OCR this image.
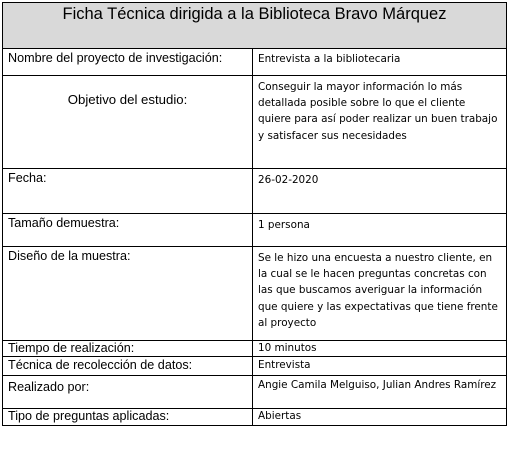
Ficha Técnica dirigida a la Biblioteca Bravo Márquez	

Nombre del proyecto de investigación:	Entrevista a la bibliotecaria

Objetivo del estudio:	Conseguir la mayor información lo más detallada posible sobre lo que el cliente quiere para así poder realizar un buen trabajo y satisfacer sus necesidades

Fecha:	26-02-2020

Tamaño demuestra:	1 persona

Diseño de la muestra:	Se le hizo una encuesta a nuestro cliente, en la cual se le hacen preguntas concretas con las que buscamos averiguar la información que quiere y las expectativas que tiene frente al proyecto

Tiempo de realización:	10 minutos

Técnica de recolección de datos:	Entrevista

Realizado por:	Angie Camila Melguiso, Julian Andres Ramírez

Tipo de preguntas aplicadas:	Abiertas
